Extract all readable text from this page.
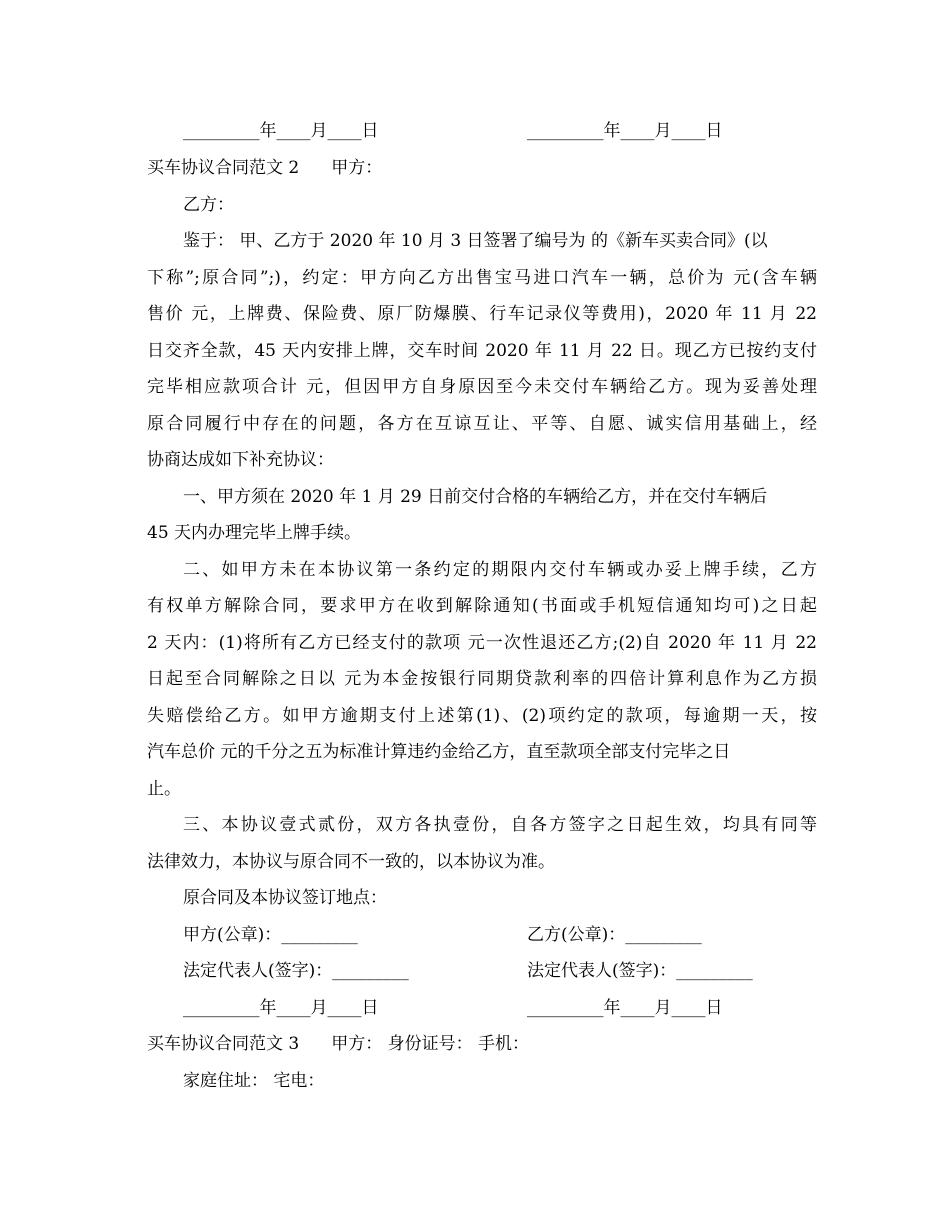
_________年____月____日	_________年____月____日
买车协议合同范文 2 甲方：
乙方：
鉴于： 甲、乙方于 2020 年 10 月 3 日签署了编号为 的《新车买卖合同》(以
下称”;原合同”;)，约定：甲方向乙方出售宝马进口汽车一辆，总价为 元(含车辆
售价 元，上牌费、保险费、原厂防爆膜、行车记录仪等费用)，2020 年 11 月 22
日交齐全款，45 天内安排上牌，交车时间 2020 年 11 月 22 日。现乙方已按约支付
完毕相应款项合计 元，但因甲方自身原因至今未交付车辆给乙方。现为妥善处理
原合同履行中存在的问题，各方在互谅互让、平等、自愿、诚实信用基础上，经
协商达成如下补充协议：
一、甲方须在 2020 年 1 月 29 日前交付合格的车辆给乙方，并在交付车辆后
45 天内办理完毕上牌手续。
二、如甲方未在本协议第一条约定的期限内交付车辆或办妥上牌手续，乙方
有权单方解除合同，要求甲方在收到解除通知(书面或手机短信通知均可)之日起
2 天内：(1)将所有乙方已经支付的款项 元一次性退还乙方;(2)自 2020 年 11 月 22
日起至合同解除之日以 元为本金按银行同期贷款利率的四倍计算利息作为乙方损
失赔偿给乙方。如甲方逾期支付上述第(1)、(2)项约定的款项，每逾期一天，按
汽车总价 元的千分之五为标准计算违约金给乙方，直至款项全部支付完毕之日
止。
三、本协议壹式贰份，双方各执壹份，自各方签字之日起生效，均具有同等
法律效力，本协议与原合同不一致的，以本协议为准。
原合同及本协议签订地点：
甲方(公章)：_________	乙方(公章)：_________
法定代表人(签字)：_________	法定代表人(签字)：_________
_________年____月____日	_________年____月____日
买车协议合同范文 3 甲方： 身份证号： 手机：
家庭住址： 宅电：
